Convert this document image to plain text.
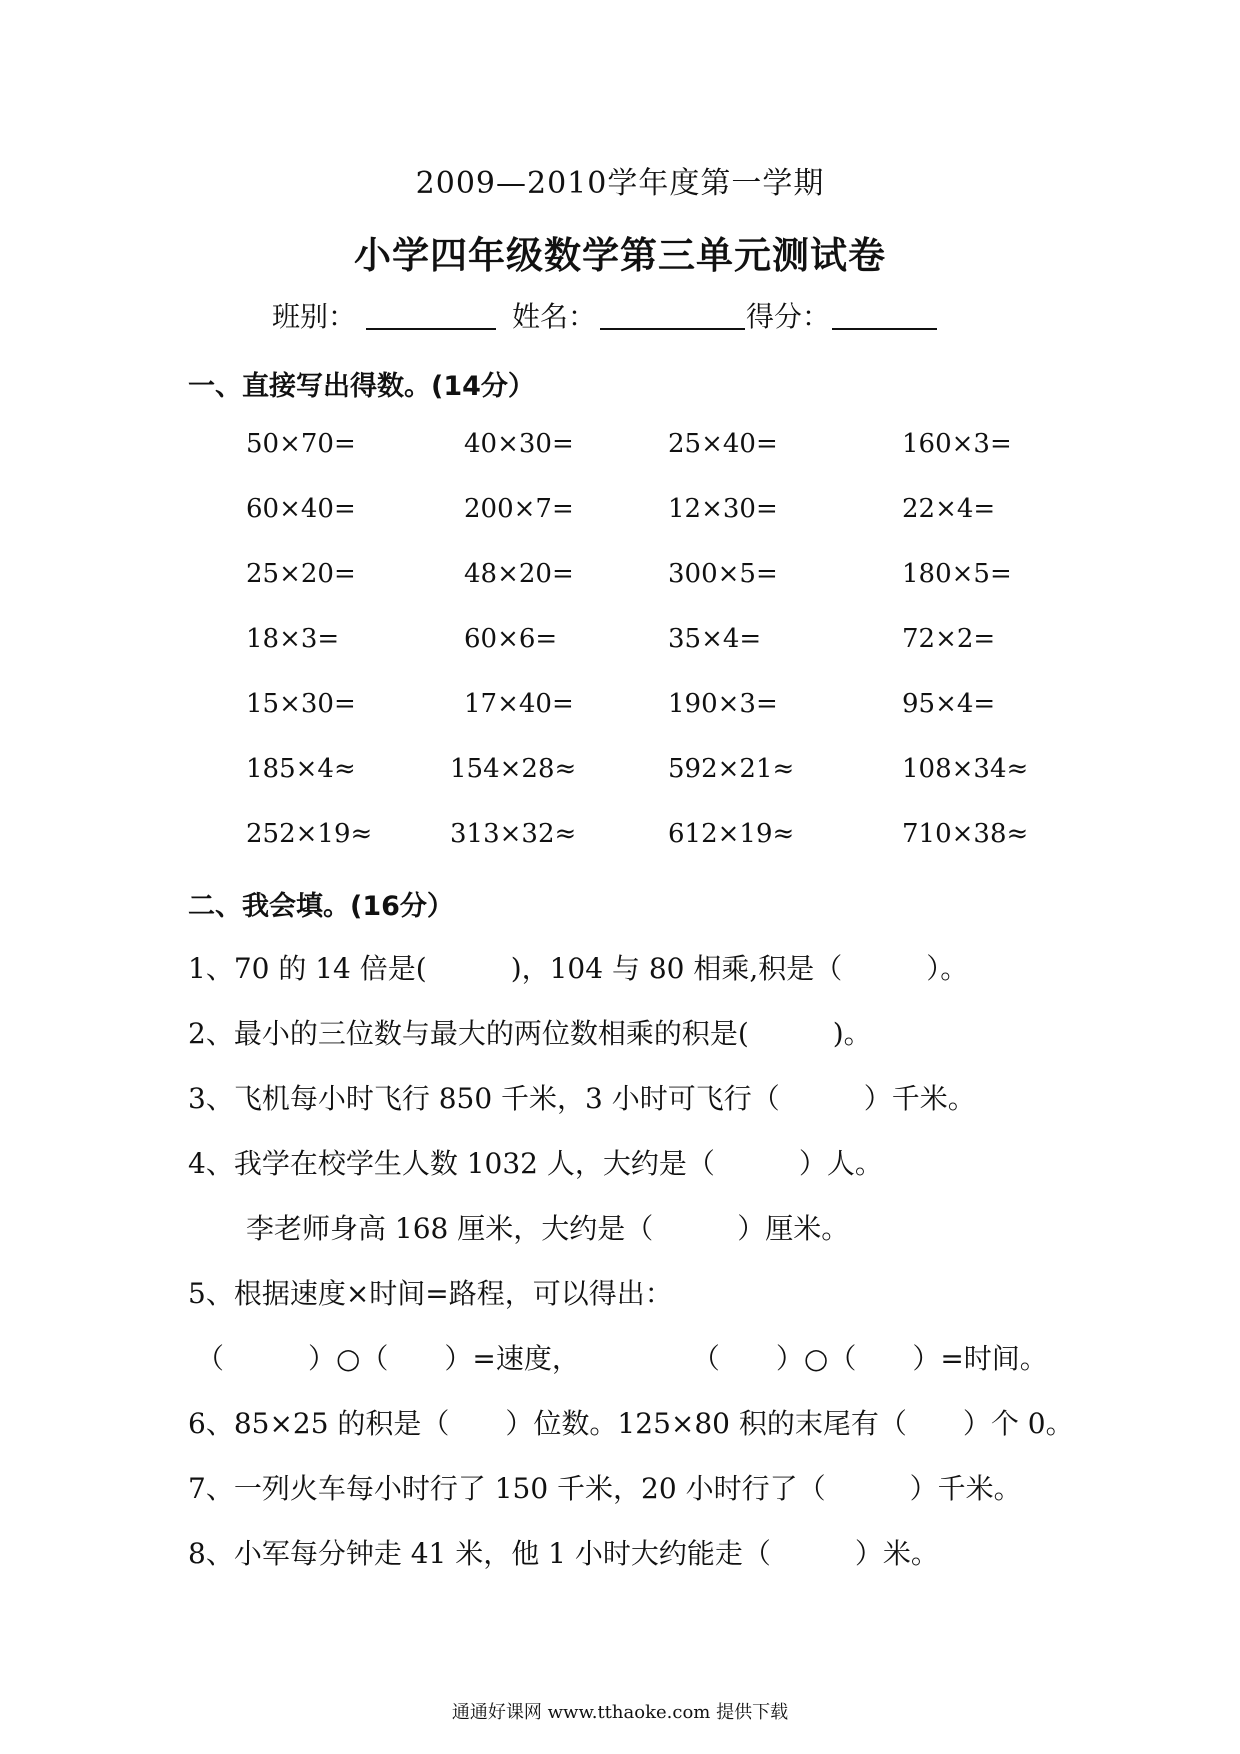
2009—2010学年度第一学期
小学四年级数学第三单元测试卷
班别：	姓名：	得分：
一、直接写出得数。(14分）
50×70=	40×30=	25×40=	160×3=
60×40=	200×7=	12×30=	22×4=
25×20=	48×20=	300×5=	180×5=
18×3=	60×6=	35×4=	72×2=
15×30=	17×40=	190×3=	95×4=
185×4≈	154×28≈	592×21≈	108×34≈
252×19≈	313×32≈	612×19≈	710×38≈
二、我会填。(16分）
1、70 的 14 倍是(　　　)，104 与 80 相乘,积是（　　　）。
2、最小的三位数与最大的两位数相乘的积是(　　　)。
3、飞机每小时飞行 850 千米，3 小时可飞行（　　　）千米。
4、我学在校学生人数 1032 人，大约是（　　　）人。
李老师身高 168 厘米，大约是（　　　）厘米。
5、根据速度×时间=路程，可以得出：
（　　　）○（　　）=速度，　　　　　（　　）○（　　）=时间。
6、85×25 的积是（　　）位数。125×80 积的末尾有（　　）个 0。
7、一列火车每小时行了 150 千米，20 小时行了（　　　）千米。
8、小军每分钟走 41 米，他 1 小时大约能走（　　　）米。
通通好课网 www.tthaoke.com 提供下载
